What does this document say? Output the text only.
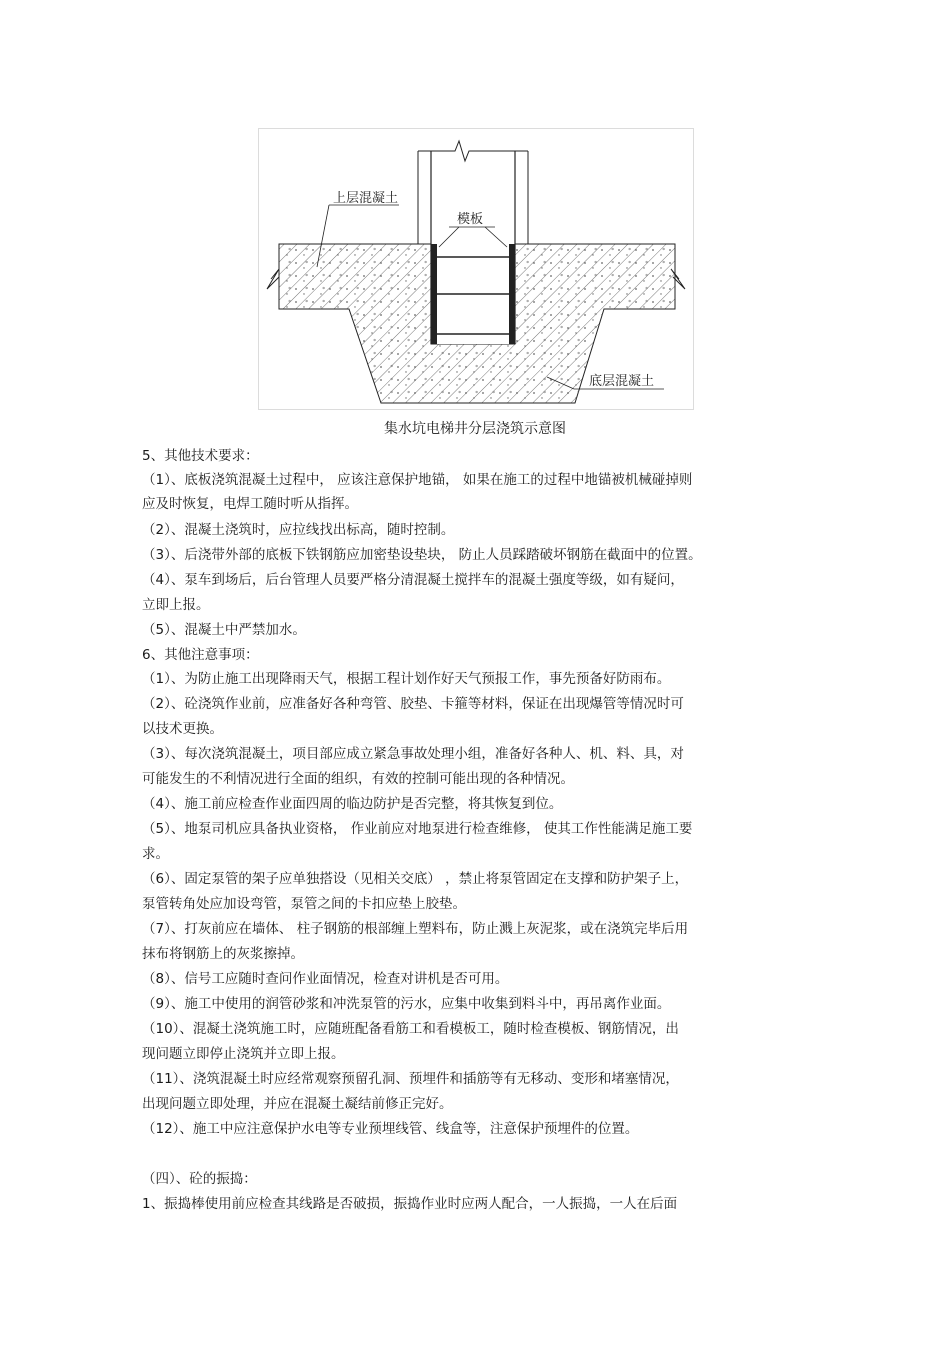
上层混凝土
模板
底层混凝土
集水坑电梯井分层浇筑示意图
5、其他技术要求：
（1）、底板浇筑混凝土过程中， 应该注意保护地锚， 如果在施工的过程中地锚被机械碰掉则
应及时恢复，电焊工随时听从指挥。
（2）、混凝土浇筑时，应拉线找出标高，随时控制。
（3）、后浇带外部的底板下铁钢筋应加密垫设垫块， 防止人员踩踏破坏钢筋在截面中的位置。
（4）、泵车到场后，后台管理人员要严格分清混凝土搅拌车的混凝土强度等级，如有疑问，
立即上报。
（5）、混凝土中严禁加水。
6、其他注意事项：
（1）、为防止施工出现降雨天气，根据工程计划作好天气预报工作，事先预备好防雨布。
（2）、砼浇筑作业前，应准备好各种弯管、胶垫、卡箍等材料，保证在出现爆管等情况时可
以技术更换。
（3）、每次浇筑混凝土，项目部应成立紧急事故处理小组，准备好各种人、机、料、具，对
可能发生的不利情况进行全面的组织，有效的控制可能出现的各种情况。
（4）、施工前应检查作业面四周的临边防护是否完整，将其恢复到位。
（5）、地泵司机应具备执业资格， 作业前应对地泵进行检查维修， 使其工作性能满足施工要
求。
（6）、固定泵管的架子应单独搭设（见相关交底） ，禁止将泵管固定在支撑和防护架子上，
泵管转角处应加设弯管，泵管之间的卡扣应垫上胶垫。
（7）、打灰前应在墙体、 柱子钢筋的根部缠上塑料布，防止溅上灰泥浆，或在浇筑完毕后用
抹布将钢筋上的灰浆擦掉。
（8）、信号工应随时查问作业面情况，检查对讲机是否可用。
（9）、施工中使用的润管砂浆和冲洗泵管的污水，应集中收集到料斗中，再吊离作业面。
（10）、混凝土浇筑施工时，应随班配备看筋工和看模板工，随时检查模板、钢筋情况，出
现问题立即停止浇筑并立即上报。
（11）、浇筑混凝土时应经常观察预留孔洞、预埋件和插筋等有无移动、变形和堵塞情况，
出现问题立即处理，并应在混凝土凝结前修正完好。
（12）、施工中应注意保护水电等专业预埋线管、线盒等，注意保护预埋件的位置。
（四）、砼的振捣：
1、振捣棒使用前应检查其线路是否破损，振捣作业时应两人配合，一人振捣，一人在后面
